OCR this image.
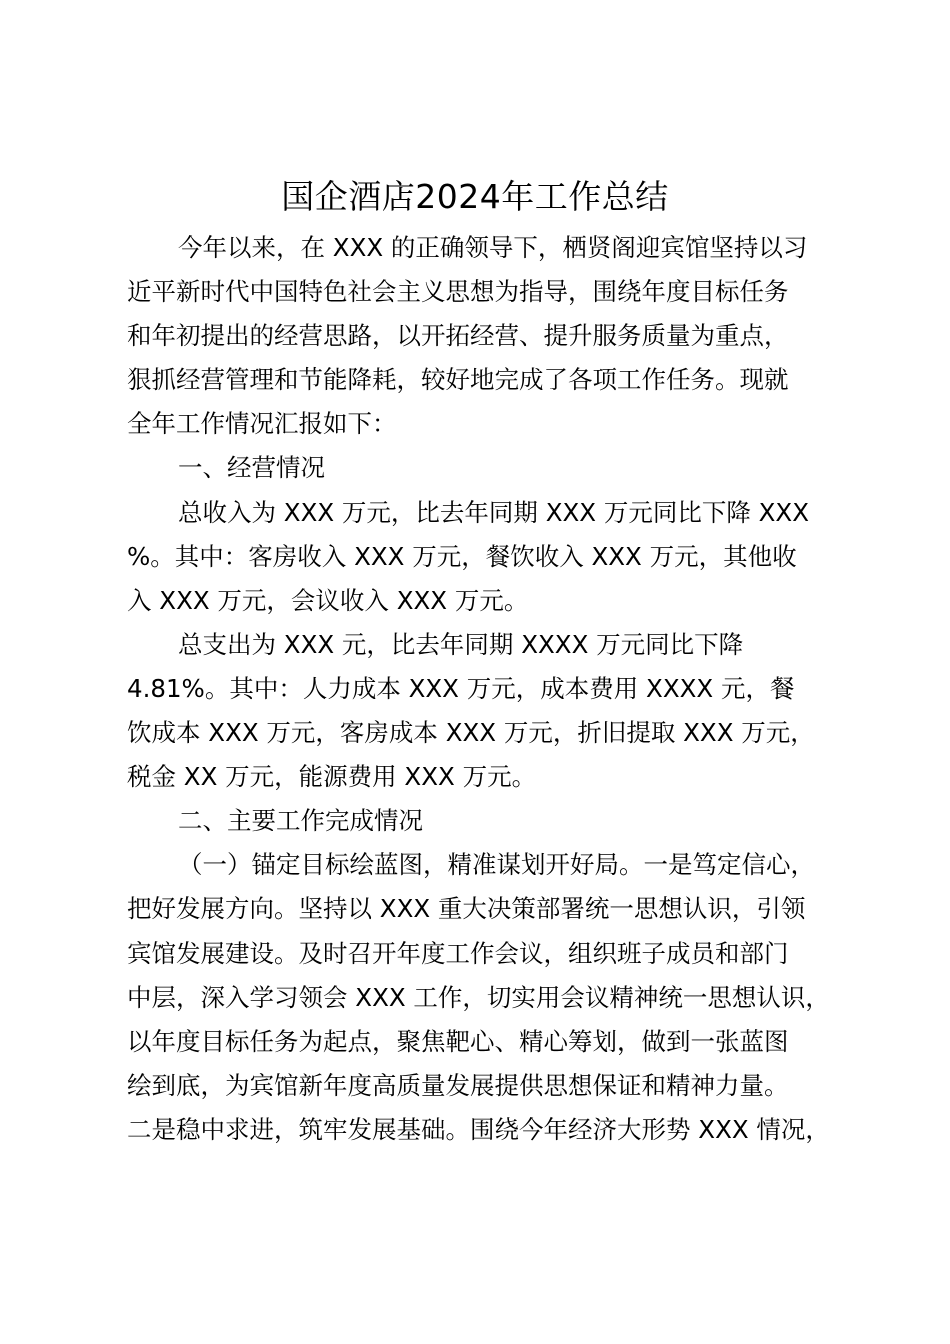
国企酒店2024年工作总结
今年以来，在 XXX 的正确领导下，栖贤阁迎宾馆坚持以习
近平新时代中国特色社会主义思想为指导，围绕年度目标任务
和年初提出的经营思路，以开拓经营、提升服务质量为重点，
狠抓经营管理和节能降耗，较好地完成了各项工作任务。现就
全年工作情况汇报如下：
一、经营情况
总收入为 XXX 万元，比去年同期 XXX 万元同比下降 XXX
%。其中：客房收入 XXX 万元，餐饮收入 XXX 万元，其他收
入 XXX 万元，会议收入 XXX 万元。
总支出为 XXX 元，比去年同期 XXXX 万元同比下降
4.81%。其中：人力成本 XXX 万元，成本费用 XXXX 元，餐
饮成本 XXX 万元，客房成本 XXX 万元，折旧提取 XXX 万元，
税金 XX 万元，能源费用 XXX 万元。
二、主要工作完成情况
（一）锚定目标绘蓝图，精准谋划开好局。一是笃定信心，
把好发展方向。坚持以 XXX 重大决策部署统一思想认识，引领
宾馆发展建设。及时召开年度工作会议，组织班子成员和部门
中层，深入学习领会 XXX 工作，切实用会议精神统一思想认识，
以年度目标任务为起点，聚焦靶心、精心筹划，做到一张蓝图
绘到底，为宾馆新年度高质量发展提供思想保证和精神力量。
二是稳中求进，筑牢发展基础。围绕今年经济大形势 XXX 情况，
